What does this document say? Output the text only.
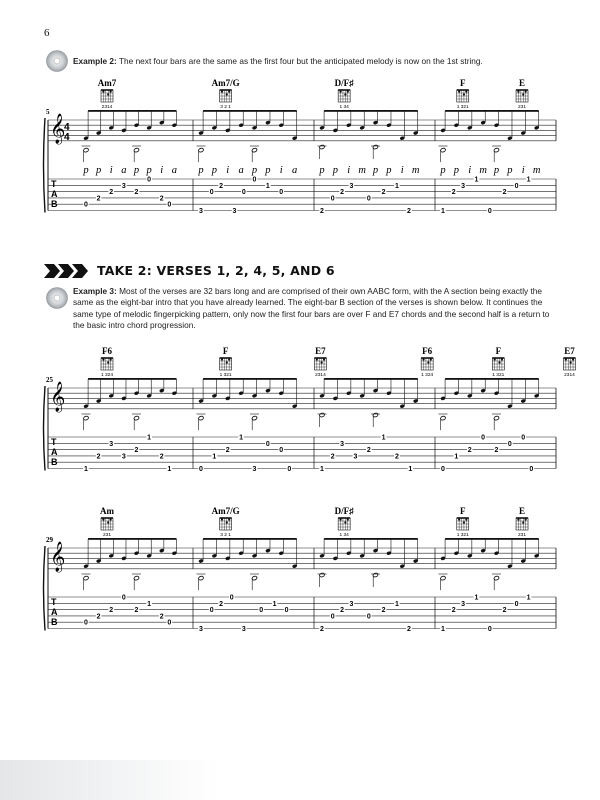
6
Example 2: The next four bars are the same as the first four but the anticipated melody is now on the 1st string.
Am7
2314
Am7/G
3 2 1
D/F♯
1 34
F
1 321
E
231
𝄞
4
4
5
T
A
B	0
2
2
3
2
0
2
0
p p i a p p i a
3
0
2
3
0
0
1
0
p p i a p p i a
2
0
2
3
0
2
1
2
p p i m p p i m
1
2
3
1
0
2
0
1
p p i m p p i m
TAKE 2: VERSES 1, 2, 4, 5, AND 6
Example 3: Most of the verses are 32 bars long and are comprised of their own AABC form, with the A section being exactly the
same as the eight-bar intro that you have already learned. The eight-bar B section of the verses is shown below. It continues the
same type of melodic fingerpicking pattern, only now the first four bars are over F and E7 chords and the second half is a return to
the basic intro chord progression.
F6
1 324
F
1 321
E7
2314
F6
1 324
F
1 321
E7
2314
𝄞
25
T
A
B
1
2
3
3
2
1
2
1	0
1
2
1
3
0
0
0	1
2
3
3
2
1
2
1	0
1
2
0
2
0
0
0
Am
231
Am7/G
3 2 1
D/F♯
1 34
F
1 321
E
231
𝄞
29
T
A
B	0
2
2
0
2
1
2
0
3
0
2
0
3
0
1
0
2
0
2
3
0
2
1
2	1
2
3
1
0
2
0
1
